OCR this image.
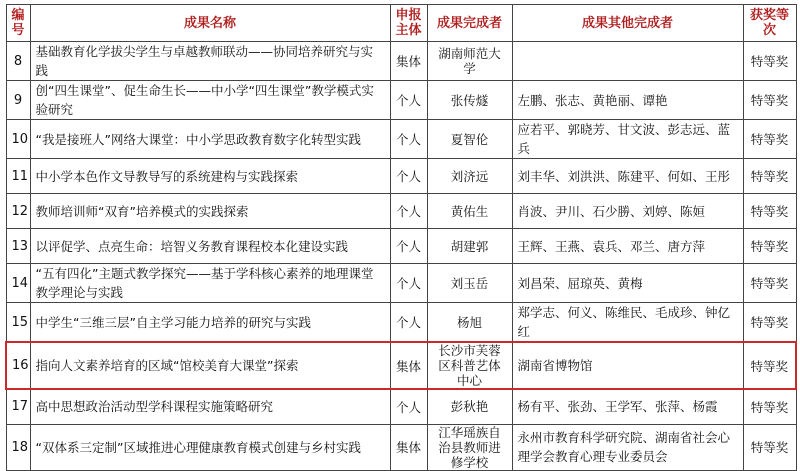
编号	成果名称	申报主体	成果完成者	成果其他完成者	获奖等次
8	基础教育化学拔尖学生与卓越教师联动——协同培养研究与实践	集体	湖南师范大学		特等奖
9	创“四生课堂”、促生命生长——中小学“四生课堂”教学模式实验研究	个人	张传燧	左鹏、张志、黄艳丽、谭艳	特等奖
10	“我是接班人”网络大课堂：中小学思政教育数字化转型实践	个人	夏智伦	应若平、郭晓芳、甘文波、彭志远、蓝兵	特等奖
11	中小学本色作文导教导写的系统建构与实践探索	个人	刘济远	刘丰华、刘洪洪、陈建平、何如、王彤	特等奖
12	教师培训师“双育”培养模式的实践探索	个人	黄佑生	肖波、尹川、石少勝、刘婷、陈姮	特等奖
13	以评促学、点亮生命：培智义务教育课程校本化建设实践	个人	胡建郭	王辉、王燕、袁兵、邓兰、唐方萍	特等奖
14	“五有四化”主题式教学探究——基于学科核心素养的地理课堂教学理论与实践	个人	刘玉岳	刘昌荣、屈琼英、黄梅	特等奖
15	中学生“三维三层”自主学习能力培养的研究与实践	个人	杨旭	郑学志、何义、陈维民、毛成珍、钟亿红	特等奖
16	指向人文素养培育的区域“馆校美育大课堂”探索	集体	长沙市芙蓉区科普艺体中心	湖南省博物馆	特等奖
17	高中思想政治活动型学科课程实施策略研究	个人	彭秋艳	杨有平、张劲、王学军、张萍、杨霞	特等奖
18	“双体系三定制”区域推进心理健康教育模式创建与乡村实践	集体	江华瑶族自治县教师进修学校	永州市教育科学研究院、湖南省社会心理学会教育心理专业委员会	特等奖
